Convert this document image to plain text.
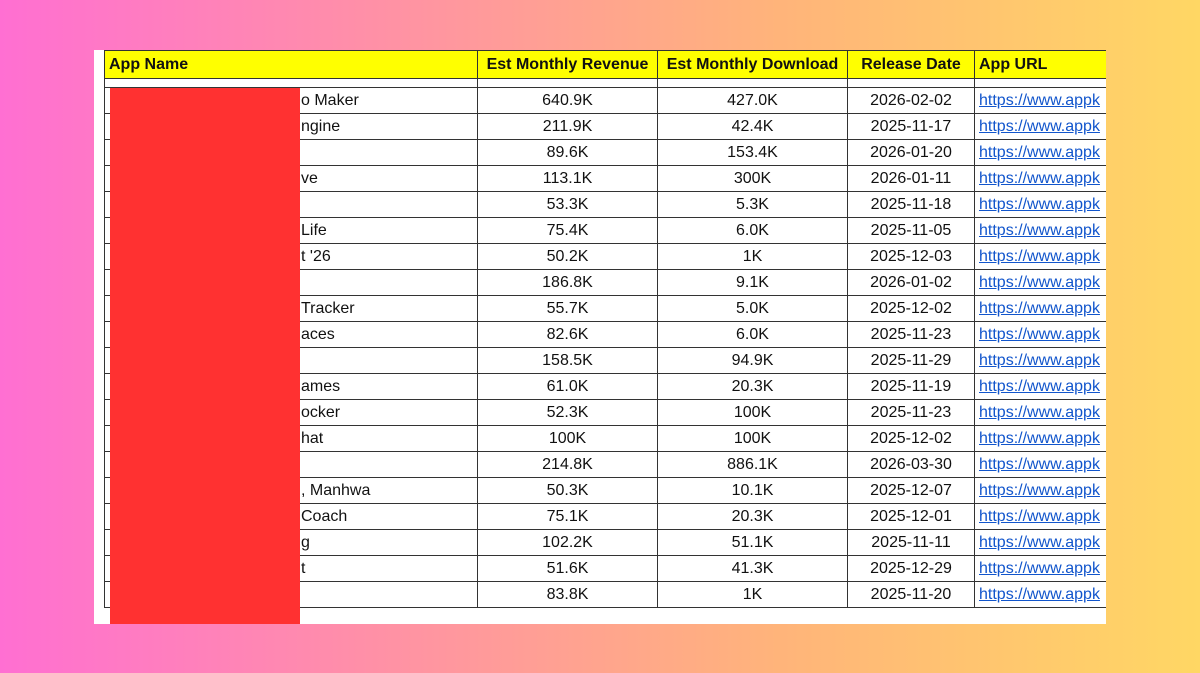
App Name	Est Monthly Revenue	Est Monthly Download	Release Date	App URL

o Maker	640.9K	427.0K	2026-02-02	https://www.appk
ngine	211.9K	42.4K	2025-11-17	https://www.appk
	89.6K	153.4K	2026-01-20	https://www.appk
ve	113.1K	300K	2026-01-11	https://www.appk
	53.3K	5.3K	2025-11-18	https://www.appk
Life	75.4K	6.0K	2025-11-05	https://www.appk
t '26	50.2K	1K	2025-12-03	https://www.appk
	186.8K	9.1K	2026-01-02	https://www.appk
Tracker	55.7K	5.0K	2025-12-02	https://www.appk
aces	82.6K	6.0K	2025-11-23	https://www.appk
	158.5K	94.9K	2025-11-29	https://www.appk
ames	61.0K	20.3K	2025-11-19	https://www.appk
ocker	52.3K	100K	2025-11-23	https://www.appk
hat	100K	100K	2025-12-02	https://www.appk
	214.8K	886.1K	2026-03-30	https://www.appk
, Manhwa	50.3K	10.1K	2025-12-07	https://www.appk
Coach	75.1K	20.3K	2025-12-01	https://www.appk
g	102.2K	51.1K	2025-11-11	https://www.appk
t	51.6K	41.3K	2025-12-29	https://www.appk
	83.8K	1K	2025-11-20	https://www.appk
